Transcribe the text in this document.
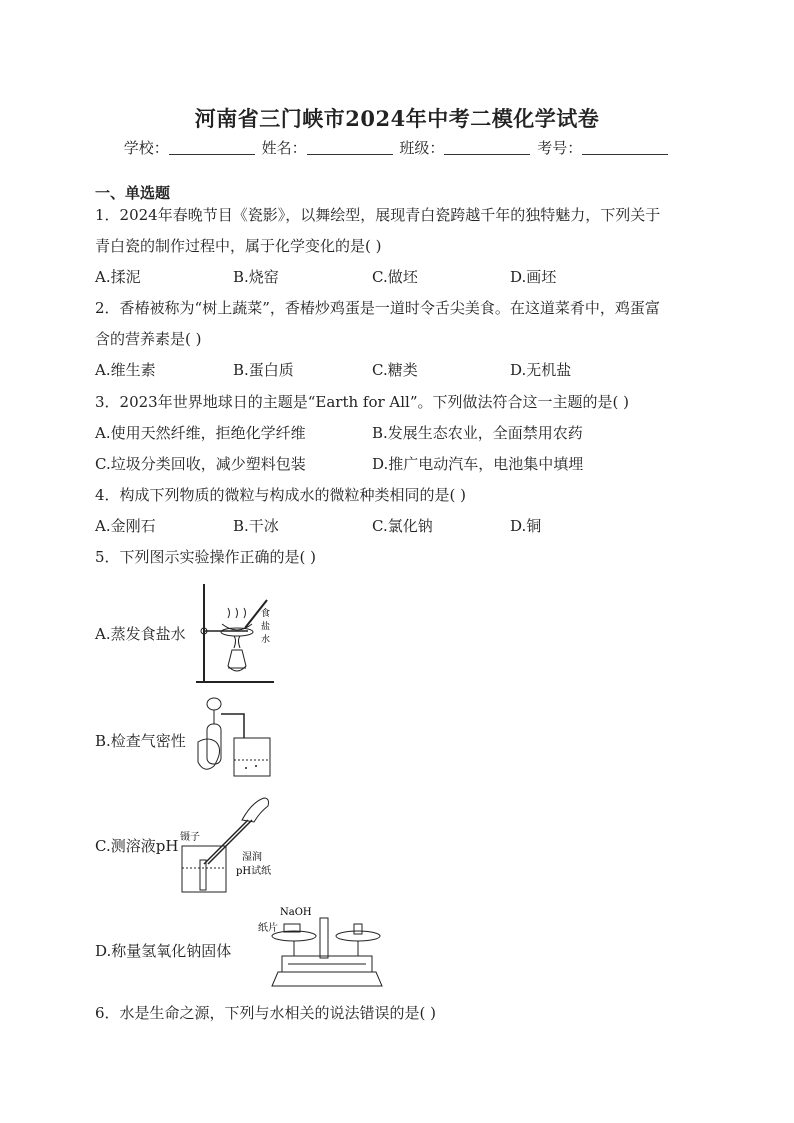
河南省三门峡市2024年中考二模化学试卷
学校：	姓名：	班级：	考号：
一、单选题
1．2024年春晚节目《瓷影》，以舞绘型，展现青白瓷跨越千年的独特魅力，下列关于
青白瓷的制作过程中，属于化学变化的是( )
A.揉泥	B.烧窑	C.做坯	D.画坯
2．香椿被称为“树上蔬菜”，香椿炒鸡蛋是一道时令舌尖美食。在这道菜肴中，鸡蛋富
含的营养素是( )
A.维生素	B.蛋白质	C.糖类	D.无机盐
3．2023年世界地球日的主题是“Earth for All”。下列做法符合这一主题的是( )
A.使用天然纤维，拒绝化学纤维	B.发展生态农业，全面禁用农药
C.垃圾分类回收，减少塑料包装	D.推广电动汽车，电池集中填埋
4．构成下列物质的微粒与构成水的微粒种类相同的是( )
A.金刚石	B.干冰	C.氯化钠	D.铜
5．下列图示实验操作正确的是( )
A.蒸发食盐水
食
盐
水
B.检查气密性
C.测溶液pH 镊子
湿润
pH试纸
D.称量氢氧化钠固体
NaOH
纸片
6．水是生命之源，下列与水相关的说法错误的是( )
